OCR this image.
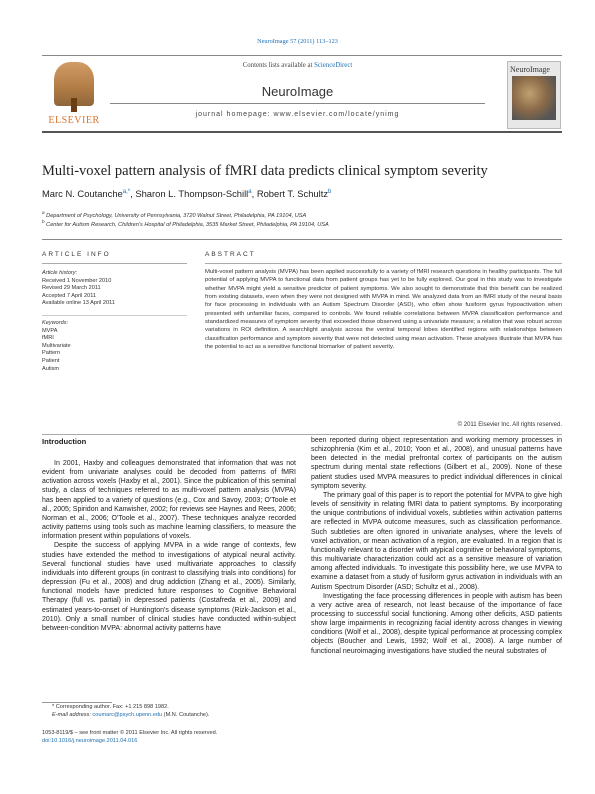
NeuroImage 57 (2011) 113–123
ELSEVIER
Contents lists available at ScienceDirect
NeuroImage
journal homepage: www.elsevier.com/locate/ynimg
NeuroImage
Multi-voxel pattern analysis of fMRI data predicts clinical symptom severity
Marc N. Coutanche$^{a,*}$, Sharon L. Thompson-Schill$^a$, Robert T. Schultz$^b$
$^a$ Department of Psychology, University of Pennsylvania, 3720 Walnut Street, Philadelphia, PA 19104, USA
$^b$ Center for Autism Research, Children's Hospital of Philadelphia, 3535 Market Street, Philadelphia, PA 19104, USA
ARTICLE INFO	ABSTRACT
Article history:
Received 1 November 2010
Revised 29 March 2011
Accepted 7 April 2011
Available online 13 April 2011
Keywords:
MVPA
fMRI
Multivariate
Pattern
Patient
Autism
Multi-voxel pattern analysis (MVPA) has been applied successfully to a variety of fMRI research questions in healthy participants. The full potential of applying MVPA to functional data from patient groups has yet to be fully explored. Our goal in this study was to investigate whether MVPA might yield a sensitive predictor of patient symptoms. We also sought to demonstrate that this benefit can be realized from existing datasets, even when they were not designed with MVPA in mind. We analyzed data from an fMRI study of the neural basis for face processing in individuals with an Autism Spectrum Disorder (ASD), who often show fusiform gyrus hypoactivation when presented with unfamiliar faces, compared to controls. We found reliable correlations between MVPA classification performance and standardized measures of symptom severity that exceeded those observed using a univariate measure; a relation that was robust across variations in ROI definition. A searchlight analysis across the ventral temporal lobes identified regions with relationships between classification performance and symptom severity that were not detected using mean activation. These analyses illustrate that MVPA has the potential to act as a sensitive functional biomarker of patient severity.
© 2011 Elsevier Inc. All rights reserved.
Introduction

In 2001, Haxby and colleagues demonstrated that information that was not evident from univariate analyses could be decoded from patterns of fMRI activation across voxels (Haxby et al., 2001). Since the publication of this seminal study, a class of techniques referred to as multi-voxel pattern analysis (MVPA) has been applied to a variety of questions (e.g., Cox and Savoy, 2003; O'Toole et al., 2005; Spiridon and Kanwisher, 2002; for reviews see Haynes and Rees, 2006; Norman et al., 2006; O'Toole et al., 2007). These techniques analyze recorded activity patterns using tools such as machine learning classifiers, to measure the information present within populations of voxels.

Despite the success of applying MVPA in a wide range of contexts, few studies have extended the method to investigations of atypical neural activity. Several functional studies have used multivariate approaches to classify individuals into different groups (in contrast to classifying trials into conditions) for depression (Fu et al., 2008) and drug addiction (Zhang et al., 2005). Similarly, functional models have predicted future responses to Cognitive Behavioral Therapy (full vs. partial) in depressed patients (Costafreda et al., 2009) and estimated years-to-onset of Huntington's disease symptoms (Rizk-Jackson et al., 2010). Only a small number of clinical studies have conducted within-subject between-condition MVPA: abnormal activity patterns have

been reported during object representation and working memory processes in schizophrenia (Kim et al., 2010; Yoon et al., 2008), and unusual patterns have been detected in the medial prefrontal cortex of participants on the autism spectrum during mental state reflections (Gilbert et al., 2009). None of these patient studies used MVPA measures to predict individual differences in clinical symptom severity.

The primary goal of this paper is to report the potential for MVPA to give high levels of sensitivity in relating fMRI data to patient symptoms. By incorporating the unique contributions of individual voxels, subtleties within activation patterns are reflected in MVPA outcome measures, such as classification performance. Such subtleties are often ignored in univariate analyses, where the levels of voxel activation, or mean activation of a region, are evaluated. In a region that is functionally relevant to a disorder with atypical cognitive or behavioral symptoms, this multivariate characterization could act as a sensitive measure of variation among affected individuals. To investigate this possibility here, we use MVPA to examine a dataset from a study of fusiform gyrus activation in individuals with an Autism Spectrum Disorder (ASD; Schultz et al., 2008).

Investigating the face processing differences in people with autism has been a very active area of research, not least because of the importance of face processing to successful social functioning. Among other deficits, ASD patients show large impairments in recognizing facial identity across changes in viewing conditions (Wolf et al., 2008), despite typical performance at processing complex objects (Boucher and Lewis, 1992; Wolf et al., 2008). A large number of functional neuroimaging investigations have studied the neural substrates of

* Corresponding author. Fax: +1 215 898 1982.
E-mail address: coumarc@psych.upenn.edu (M.N. Coutanche).
1053-8119/$ – see front matter © 2011 Elsevier Inc. All rights reserved.
doi:10.1016/j.neuroimage.2011.04.016
